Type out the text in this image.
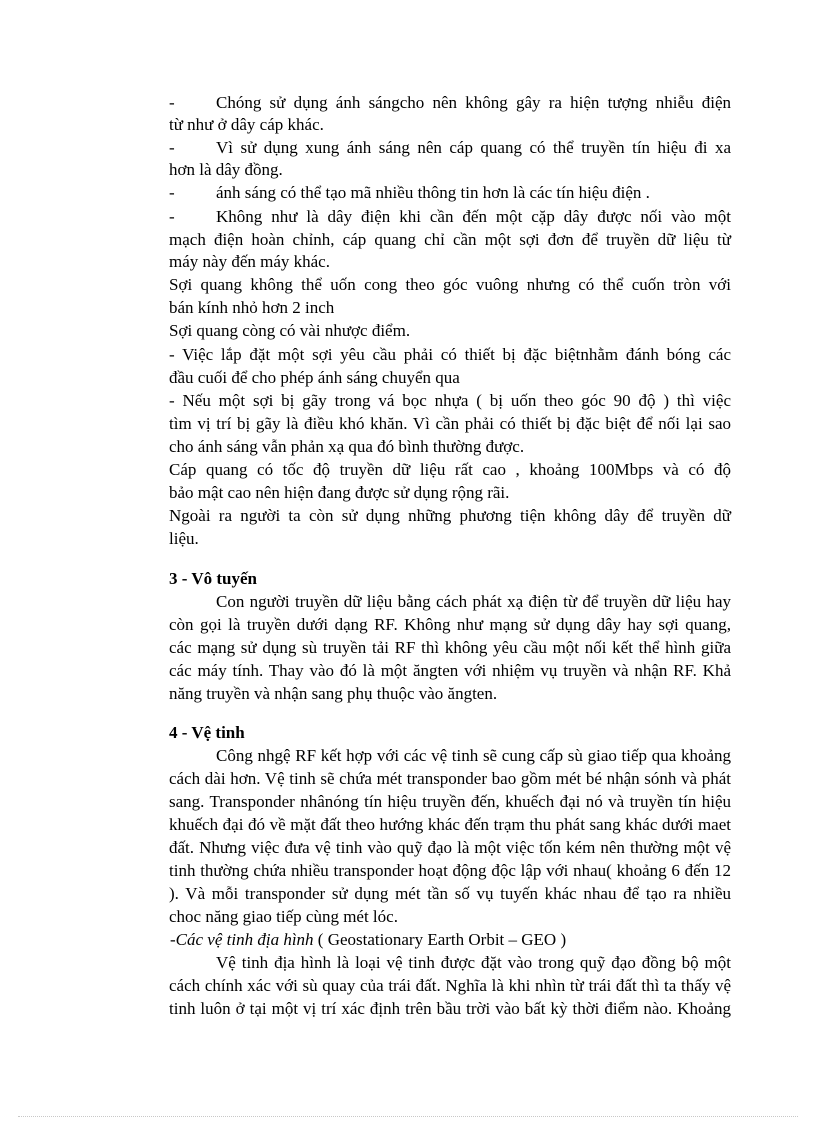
- Chóng sử dụng ánh sángcho nên không gây ra hiện tượng nhiễu điện
từ như ở dây cáp khác.
- Vì sử dụng xung ánh sáng nên cáp quang có thể truyền tín hiệu đi xa
hơn là dây đồng.
- ánh sáng có thể tạo mã nhiều thông tin hơn là các tín hiệu điện .
- Không như là dây điện khi cần đến một cặp dây được nối vào một
mạch điện hoàn chỉnh, cáp quang chỉ cần một sợi đơn để truyền dữ liệu từ
máy này đến máy khác.
Sợi quang không thể uốn cong theo góc vuông nhưng có thể cuốn tròn với
bán kính nhỏ hơn 2 inch
Sợi quang còng có vài nhược điểm.
- Việc lắp đặt một sợi yêu cầu phải có thiết bị đặc biệtnhằm đánh bóng các
đầu cuối để cho phép ánh sáng chuyển qua
- Nếu một sợi bị gãy trong vá bọc nhựa ( bị uốn theo góc 90 độ ) thì việc
tìm vị trí bị gãy là điều khó khăn. Vì cần phải có thiết bị đặc biệt để nối lại sao
cho ánh sáng vẫn phản xạ qua đó bình thường được.
Cáp quang có tốc độ truyền dữ liệu rất cao , khoảng 100Mbps và có độ
bảo mật cao nên hiện đang được sử dụng rộng rãi.
Ngoài ra người ta còn sử dụng những phương tiện không dây để truyền dữ
liệu.
3 - Vô tuyến
Con người truyền dữ liệu bằng cách phát xạ điện từ để truyền dữ liệu hay
còn gọi là truyền dưới dạng RF. Không như mạng sử dụng dây hay sợi quang,
các mạng sử dụng sù truyền tải RF thì không yêu cầu một nối kết thể hình giữa
các máy tính. Thay vào đó là một ăngten với nhiệm vụ truyền và nhận RF. Khả
năng truyền và nhận sang phụ thuộc vào ăngten.
4 - Vệ tinh
Công nhgệ RF kết hợp với các vệ tinh sẽ cung cấp sù giao tiếp qua khoảng
cách dài hơn. Vệ tinh sẽ chứa mét transponder bao gồm mét bé nhận sónh và phát
sang. Transponder nhânóng tín hiệu truyền đến, khuếch đại nó và truyền tín hiệu
khuếch đại đó về mặt đất theo hướng khác đến trạm thu phát sang khác dưới maet
đất. Nhưng việc đưa vệ tinh vào quỹ đạo là một việc tốn kém nên thường một vệ
tinh thường chứa nhiều transponder hoạt động độc lập với nhau( khoảng 6 đến 12
). Và mỗi transponder sử dụng mét tần số vụ tuyến khác nhau để tạo ra nhiều
choc năng giao tiếp cùng mét lóc.
-Các vệ tinh địa hình ( Geostationary Earth Orbit – GEO )
Vệ tinh địa hình là loại vệ tinh được đặt vào trong quỹ đạo đồng bộ một
cách chính xác với sù quay của trái đất. Nghĩa là khi nhìn từ trái đất thì ta thấy vệ
tinh luôn ở tại một vị trí xác định trên bầu trời vào bất kỳ thời điểm nào. Khoảng
